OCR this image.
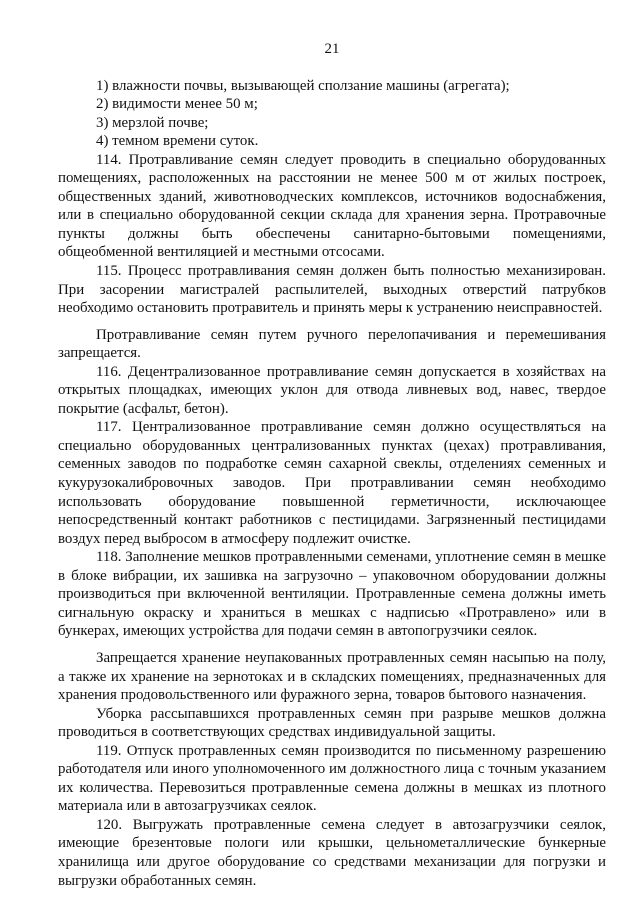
21

1) влажности почвы, вызывающей сползание машины (агрегата);

2) видимости менее 50 м;

3) мерзлой почве;

4) темном времени суток.

114. Протравливание семян следует проводить в специально оборудованных помещениях, расположенных на расстоянии не менее 500 м от жилых построек, общественных зданий, животноводческих комплексов, источников водоснабжения, или в специально оборудованной секции склада для хранения зерна. Протравочные пункты должны быть обеспечены санитарно-бытовыми помещениями, общеобменной вентиляцией и местными отсосами.

115. Процесс протравливания семян должен быть полностью механизирован. При засорении магистралей распылителей, выходных отверстий патрубков необходимо остановить протравитель и принять меры к устранению неисправностей.

Протравливание семян путем ручного перелопачивания и перемешивания запрещается.

116. Децентрализованное протравливание семян допускается в хозяйствах на открытых площадках, имеющих уклон для отвода ливневых вод, навес, твердое покрытие (асфальт, бетон).

117. Централизованное протравливание семян должно осуществляться на специально оборудованных централизованных пунктах (цехах) протравливания, семенных заводов по подработке семян сахарной свеклы, отделениях семенных и кукурузокалибровочных заводов. При протравливании семян необходимо использовать оборудование повышенной герметичности, исключающее непосредственный контакт работников с пестицидами. Загрязненный пестицидами воздух перед выбросом в атмосферу подлежит очистке.

118. Заполнение мешков протравленными семенами, уплотнение семян в мешке в блоке вибрации, их зашивка на загрузочно – упаковочном оборудовании должны производиться при включенной вентиляции. Протравленные семена должны иметь сигнальную окраску и храниться в мешках с надписью «Протравлено» или в бункерах, имеющих устройства для подачи семян в автопогрузчики сеялок.

Запрещается хранение неупакованных протравленных семян насыпью на полу, а также их хранение на зернотоках и в складских помещениях, предназначенных для хранения продовольственного или фуражного зерна, товаров бытового назначения.

Уборка рассыпавшихся протравленных семян при разрыве мешков должна проводиться в соответствующих средствах индивидуальной защиты.

119. Отпуск протравленных семян производится по письменному разрешению работодателя или иного уполномоченного им должностного лица с точным указанием их количества. Перевозиться протравленные семена должны в мешках из плотного материала или в автозагрузчиках сеялок.

120. Выгружать протравленные семена следует в автозагрузчики сеялок, имеющие брезентовые пологи или крышки, цельнометаллические бункерные хранилища или другое оборудование со средствами механизации для погрузки и выгрузки обработанных семян.
